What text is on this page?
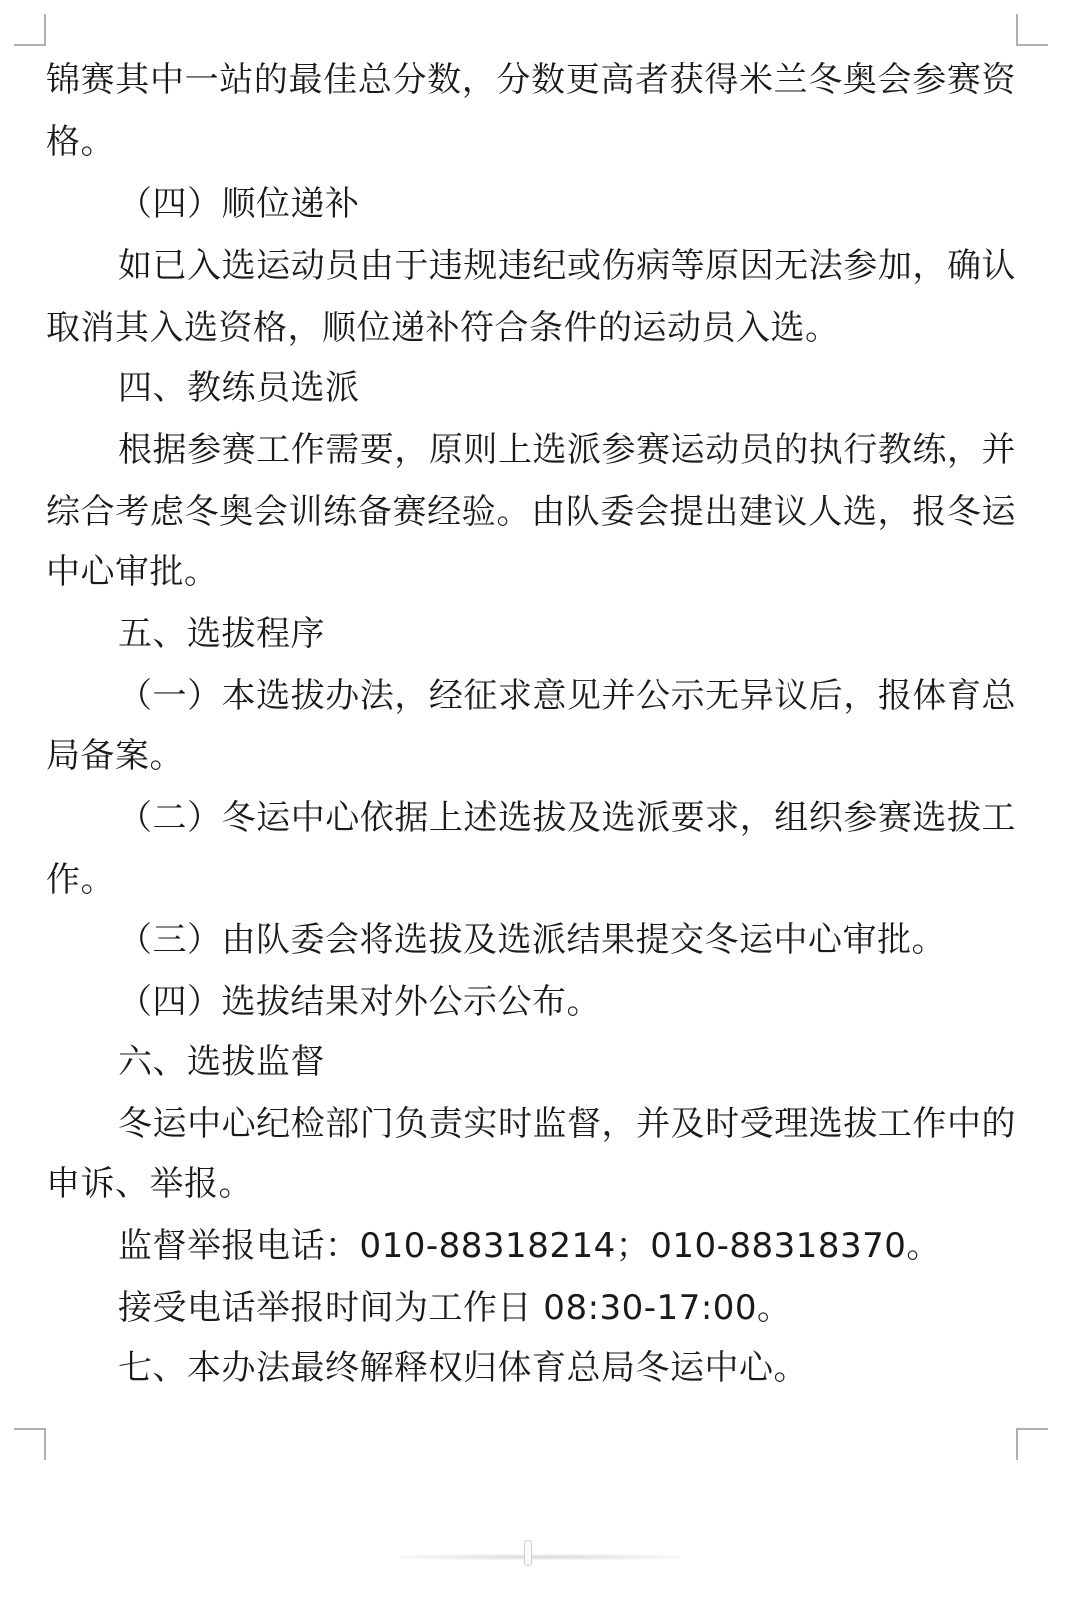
锦赛其中一站的最佳总分数，分数更高者获得米兰冬奥会参赛资
格。
（四）顺位递补
如已入选运动员由于违规违纪或伤病等原因无法参加，确认
取消其入选资格，顺位递补符合条件的运动员入选。
四、教练员选派
根据参赛工作需要，原则上选派参赛运动员的执行教练，并
综合考虑冬奥会训练备赛经验。由队委会提出建议人选，报冬运
中心审批。
五、选拔程序
（一）本选拔办法，经征求意见并公示无异议后，报体育总
局备案。
（二）冬运中心依据上述选拔及选派要求，组织参赛选拔工
作。
（三）由队委会将选拔及选派结果提交冬运中心审批。
（四）选拔结果对外公示公布。
六、选拔监督
冬运中心纪检部门负责实时监督，并及时受理选拔工作中的
申诉、举报。
监督举报电话：010-88318214；010-88318370。
接受电话举报时间为工作日 08:30-17:00。
七、本办法最终解释权归体育总局冬运中心。
